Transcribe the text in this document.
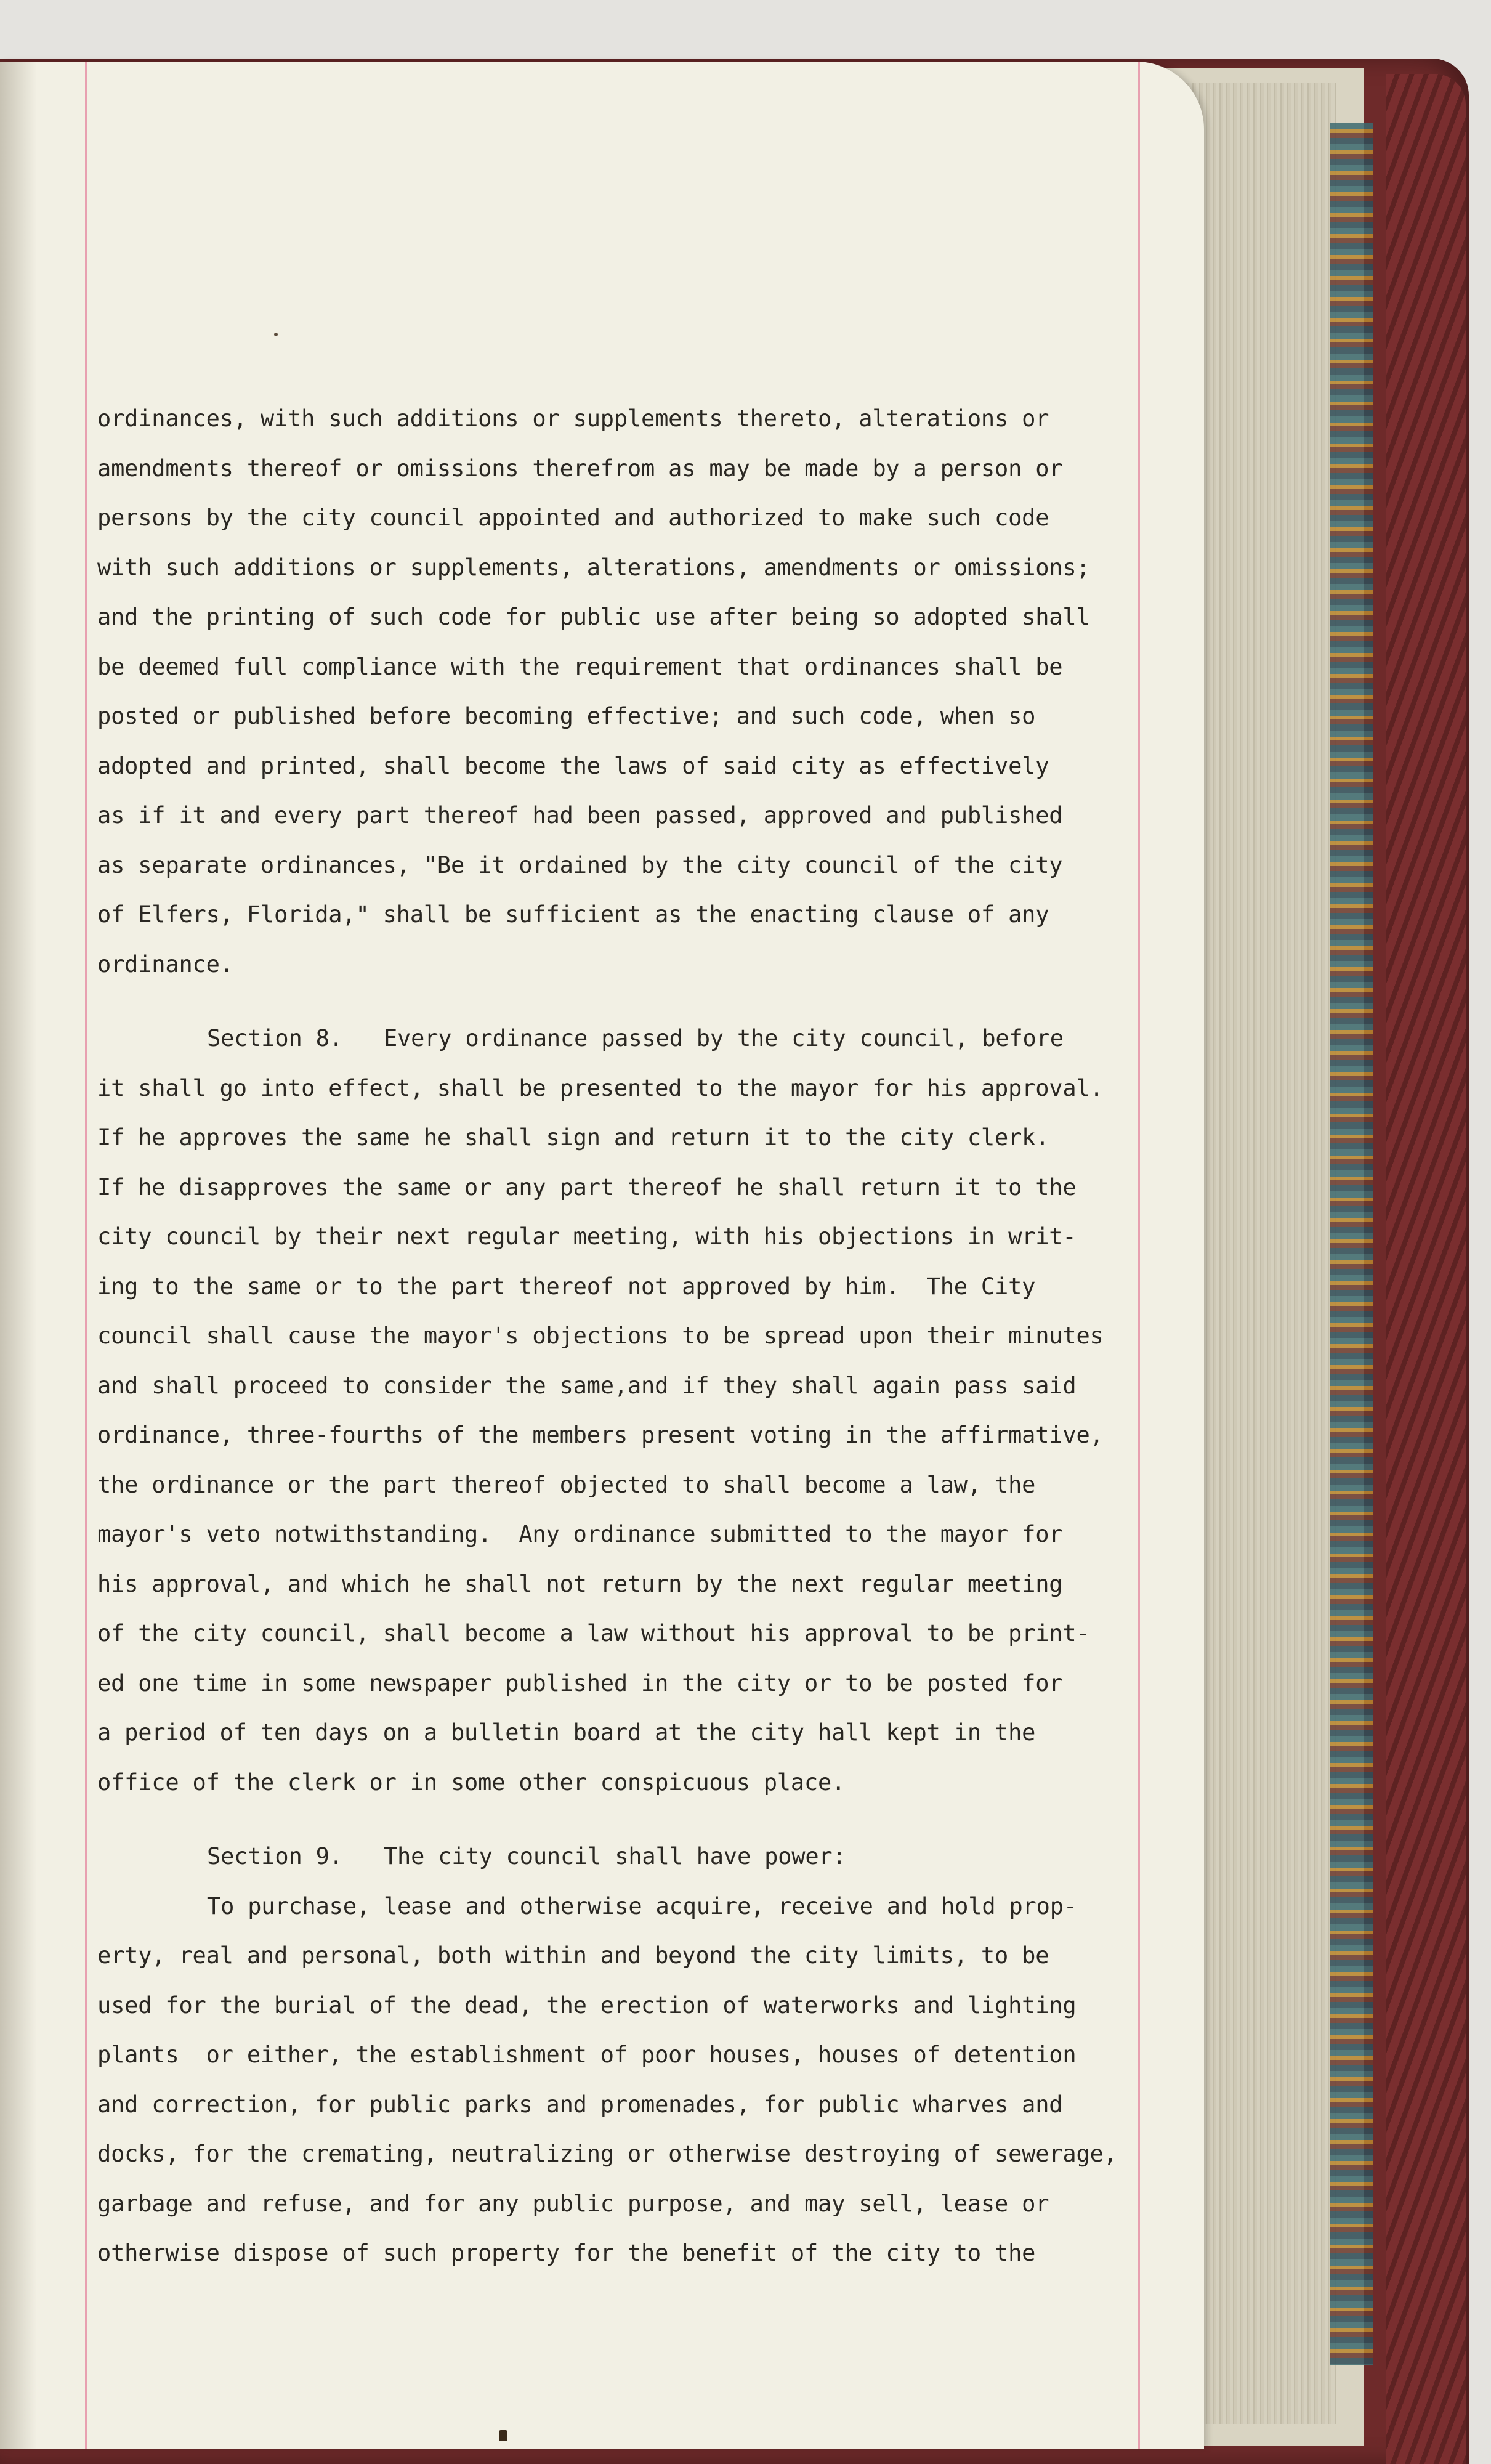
ordinances, with such additions or supplements thereto, alterations or
amendments thereof or omissions therefrom as may be made by a person or
persons by the city council appointed and authorized to make such code
with such additions or supplements, alterations, amendments or omissions;
and the printing of such code for public use after being so adopted shall
be deemed full compliance with the requirement that ordinances shall be
posted or published before becoming effective; and such code, when so
adopted and printed, shall become the laws of said city as effectively
as if it and every part thereof had been passed, approved and published
as separate ordinances, "Be it ordained by the city council of the city
of Elfers, Florida," shall be sufficient as the enacting clause of any
ordinance.
Section 8.   Every ordinance passed by the city council, before
it shall go into effect, shall be presented to the mayor for his approval.
If he approves the same he shall sign and return it to the city clerk.
If he disapproves the same or any part thereof he shall return it to the
city council by their next regular meeting, with his objections in writ-
ing to the same or to the part thereof not approved by him.  The City
council shall cause the mayor's objections to be spread upon their minutes
and shall proceed to consider the same,and if they shall again pass said
ordinance, three-fourths of the members present voting in the affirmative,
the ordinance or the part thereof objected to shall become a law, the
mayor's veto notwithstanding.  Any ordinance submitted to the mayor for
his approval, and which he shall not return by the next regular meeting
of the city council, shall become a law without his approval to be print-
ed one time in some newspaper published in the city or to be posted for
a period of ten days on a bulletin board at the city hall kept in the
office of the clerk or in some other conspicuous place.
Section 9.   The city council shall have power:
To purchase, lease and otherwise acquire, receive and hold prop-
erty, real and personal, both within and beyond the city limits, to be
used for the burial of the dead, the erection of waterworks and lighting
plants  or either, the establishment of poor houses, houses of detention
and correction, for public parks and promenades, for public wharves and
docks, for the cremating, neutralizing or otherwise destroying of sewerage,
garbage and refuse, and for any public purpose, and may sell, lease or
otherwise dispose of such property for the benefit of the city to the
